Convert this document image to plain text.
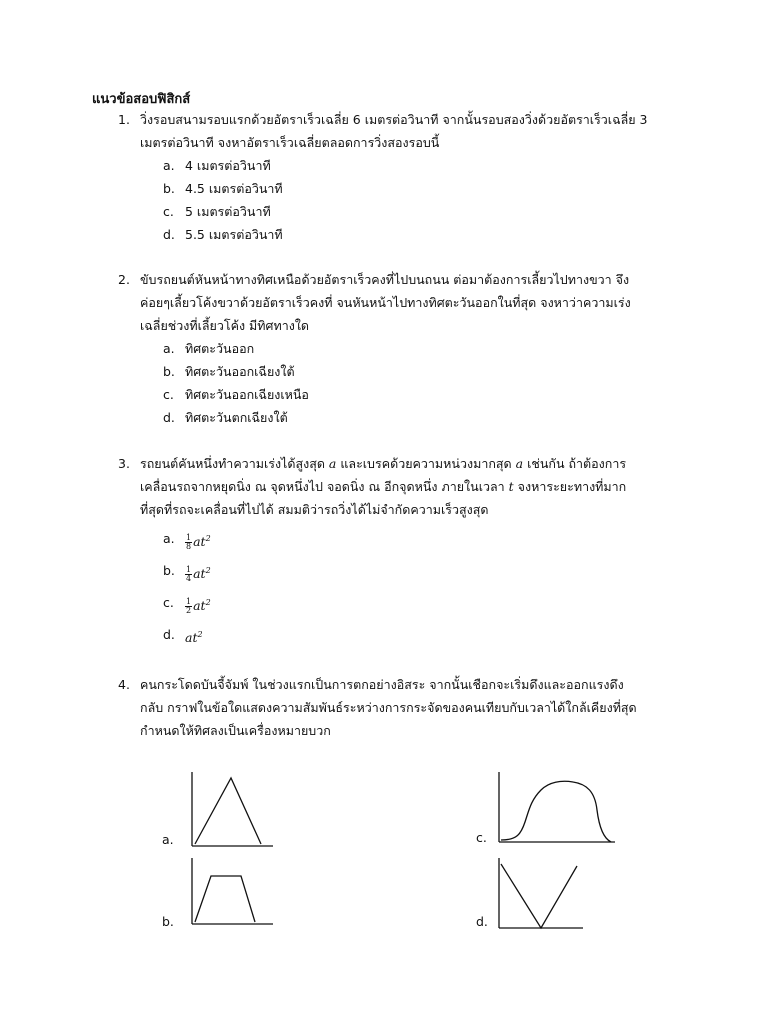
แนวข้อสอบฟิสิกส์
1. วิ่งรอบสนามรอบแรกด้วยอัตราเร็วเฉลี่ย 6 เมตรต่อวินาที จากนั้นรอบสองวิ่งด้วยอัตราเร็วเฉลี่ย 3
เมตรต่อวินาที จงหาอัตราเร็วเฉลี่ยตลอดการวิ่งสองรอบนี้
a. 4 เมตรต่อวินาที
b. 4.5 เมตรต่อวินาที
c. 5 เมตรต่อวินาที
d. 5.5 เมตรต่อวินาที
2. ขับรถยนต์หันหน้าทางทิศเหนือด้วยอัตราเร็วคงที่ไปบนถนน ต่อมาต้องการเลี้ยวไปทางขวา จึง
ค่อยๆเลี้ยวโค้งขวาด้วยอัตราเร็วคงที่ จนหันหน้าไปทางทิศตะวันออกในที่สุด จงหาว่าความเร่ง
เฉลี่ยช่วงที่เลี้ยวโค้ง มีทิศทางใด
a. ทิศตะวันออก
b. ทิศตะวันออกเฉียงใต้
c. ทิศตะวันออกเฉียงเหนือ
d. ทิศตะวันตกเฉียงใต้
3. รถยนต์คันหนึ่งทำความเร่งได้สูงสุด a และเบรคด้วยความหน่วงมากสุด a เช่นกัน ถ้าต้องการ
เคลื่อนรถจากหยุดนิ่ง ณ จุดหนึ่งไป จอดนิ่ง ณ อีกจุดหนึ่ง ภายในเวลา t จงหาระยะทางที่มาก
ที่สุดที่รถจะเคลื่อนที่ไปได้ สมมติว่ารถวิ่งได้ไม่จำกัดความเร็วสูงสุด
a. $\frac{1}{8} at^2$
b. $\frac{1}{4} at^2$
c. $\frac{1}{2} at^2$
d. $at^2$
4. คนกระโดดบันจี้จัมพ์ ในช่วงแรกเป็นการตกอย่างอิสระ จากนั้นเชือกจะเริ่มดึงและออกแรงดึง
กลับ กราฟในข้อใดแสดงความสัมพันธ์ระหว่างการกระจัดของคนเทียบกับเวลาได้ใกล้เคียงที่สุด
กำหนดให้ทิศลงเป็นเครื่องหมายบวก
a.
b.
c.
d.
